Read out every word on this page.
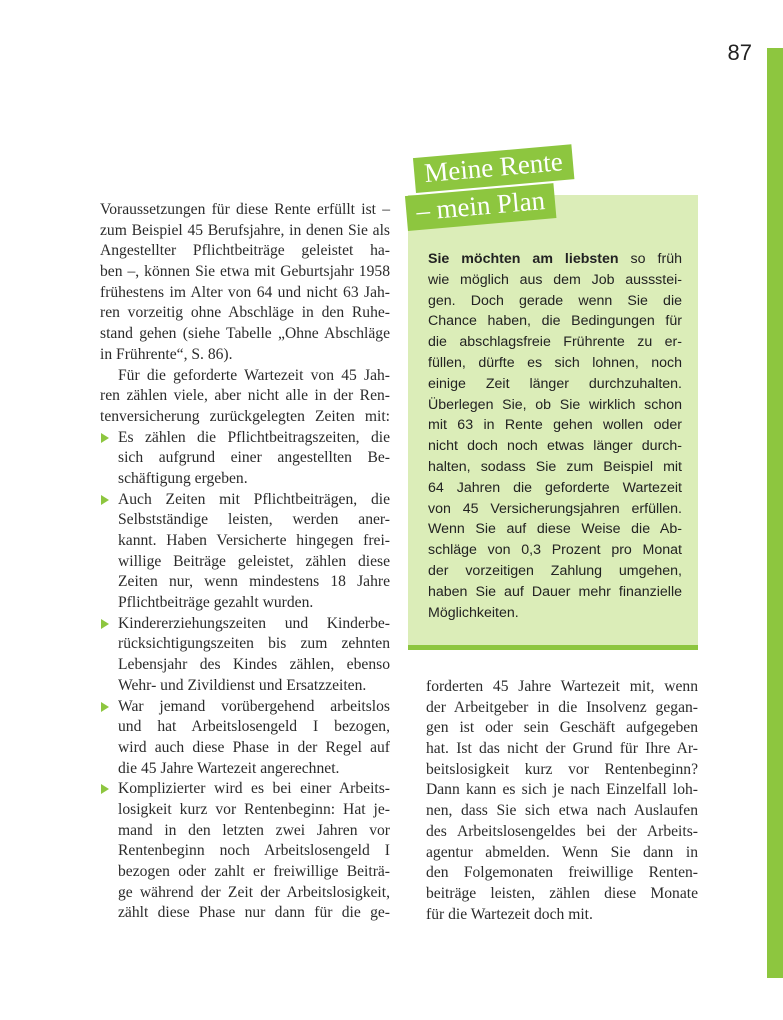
87
Voraussetzungen für diese Rente erfüllt ist –
zum Beispiel 45 Berufsjahre, in denen Sie als
Angestellter Pflichtbeiträge geleistet ha-
ben –, können Sie etwa mit Geburtsjahr 1958
frühestens im Alter von 64 und nicht 63 Jah-
ren vorzeitig ohne Abschläge in den Ruhe-
stand gehen (siehe Tabelle „Ohne Abschläge
in Frührente“, S. 86).
Für die geforderte Wartezeit von 45 Jah-
ren zählen viele, aber nicht alle in der Ren-
tenversicherung zurückgelegten Zeiten mit:
Es zählen die Pflichtbeitragszeiten, die
sich aufgrund einer angestellten Be-
schäftigung ergeben.
Auch Zeiten mit Pflichtbeiträgen, die
Selbstständige leisten, werden aner-
kannt. Haben Versicherte hingegen frei-
willige Beiträge geleistet, zählen diese
Zeiten nur, wenn mindestens 18 Jahre
Pflichtbeiträge gezahlt wurden.
Kindererziehungszeiten und Kinderbe-
rücksichtigungszeiten bis zum zehnten
Lebensjahr des Kindes zählen, ebenso
Wehr- und Zivildienst und Ersatzzeiten.
War jemand vorübergehend arbeitslos
und hat Arbeitslosengeld I bezogen,
wird auch diese Phase in der Regel auf
die 45 Jahre Wartezeit angerechnet.
Komplizierter wird es bei einer Arbeits-
losigkeit kurz vor Rentenbeginn: Hat je-
mand in den letzten zwei Jahren vor
Rentenbeginn noch Arbeitslosengeld I
bezogen oder zahlt er freiwillige Beiträ-
ge während der Zeit der Arbeitslosigkeit,
zählt diese Phase nur dann für die ge-
Meine Rente
– mein Plan
Sie möchten am liebsten so früh
wie möglich aus dem Job aussstei-
gen. Doch gerade wenn Sie die
Chance haben, die Bedingungen für
die abschlagsfreie Frührente zu er-
füllen, dürfte es sich lohnen, noch
einige Zeit länger durchzuhalten.
Überlegen Sie, ob Sie wirklich schon
mit 63 in Rente gehen wollen oder
nicht doch noch etwas länger durch-
halten, sodass Sie zum Beispiel mit
64 Jahren die geforderte Wartezeit
von 45 Versicherungsjahren erfüllen.
Wenn Sie auf diese Weise die Ab-
schläge von 0,3 Prozent pro Monat
der vorzeitigen Zahlung umgehen,
haben Sie auf Dauer mehr finanzielle
Möglichkeiten.
forderten 45 Jahre Wartezeit mit, wenn
der Arbeitgeber in die Insolvenz gegan-
gen ist oder sein Geschäft aufgegeben
hat. Ist das nicht der Grund für Ihre Ar-
beitslosigkeit kurz vor Rentenbeginn?
Dann kann es sich je nach Einzelfall loh-
nen, dass Sie sich etwa nach Auslaufen
des Arbeitslosengeldes bei der Arbeits-
agentur abmelden. Wenn Sie dann in
den Folgemonaten freiwillige Renten-
beiträge leisten, zählen diese Monate
für die Wartezeit doch mit.
